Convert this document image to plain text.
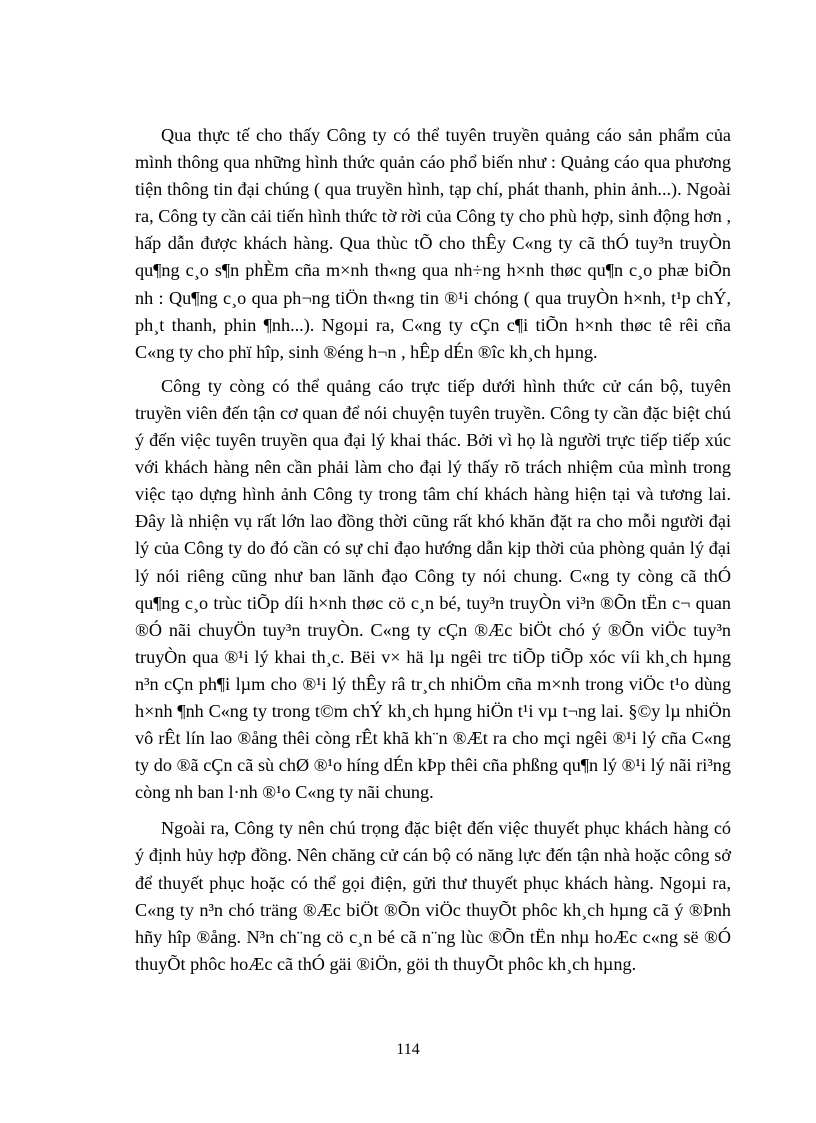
Qua thực tế cho thấy Công ty có thể tuyên truyền quảng cáo sản phẩm của mình thông qua những hình thức quản cáo phổ biến như : Quảng cáo qua phương tiện thông tin đại chúng ( qua truyền hình, tạp chí, phát thanh, phin ảnh...). Ngoài ra, Công ty cần cải tiến hình thức tờ rời của Công ty cho phù hợp, sinh động hơn , hấp dẫn được khách hàng. Qua thùc tÕ cho thÊy C«ng ty cã thÓ tuy³n truyÒn qu¶ng c¸o s¶n phÈm cña m×nh th«ng qua nh÷ng h×nh thøc qu¶n c¸o phæ biÕn nh : Qu¶ng c¸o qua ph¬ng tiÖn th«ng tin ®¹i chóng ( qua truyÒn h×nh, t¹p chÝ, ph¸t thanh, phin ¶nh...). Ngoµi ra, C«ng ty cÇn c¶i tiÕn h×nh thøc tê rêi cña C«ng ty cho phï hîp, sinh ®éng h¬n , hÊp dÉn ®îc kh¸ch hµng.

Công ty còng có thể quảng cáo trực tiếp dưới hình thức cử cán bộ, tuyên truyền viên đến tận cơ quan để nói chuyện tuyên truyền. Công ty cần đặc biệt chú ý đến việc tuyên truyền qua đại lý khai thác. Bởi vì họ là người trực tiếp tiếp xúc với khách hàng nên cần phải làm cho đại lý thấy rõ trách nhiệm của mình trong việc tạo dựng hình ảnh Công ty trong tâm chí khách hàng hiện tại và tương lai. Đây là nhiện vụ rất lớn lao đồng thời cũng rất khó khăn đặt ra cho mỗi người đại lý của Công ty do đó cần có sự chỉ đạo hướng dẫn kịp thời của phòng quản lý đại lý nói riêng cũng như ban lãnh đạo Công ty nói chung. C«ng ty còng cã thÓ qu¶ng c¸o trùc tiÕp díi h×nh thøc cö c¸n bé, tuy³n truyÒn vi³n ®Õn tËn c¬ quan ®Ó nãi chuyÖn tuy³n truyÒn. C«ng ty cÇn ®Æc biÖt chó ý ®Õn viÖc tuy³n truyÒn qua ®¹i lý khai th¸c. Bëi v× hä lµ ngêi trc tiÕp tiÕp xóc víi kh¸ch hµng n³n cÇn ph¶i lµm cho ®¹i lý thÊy râ tr¸ch nhiÖm cña m×nh trong viÖc t¹o dùng h×nh ¶nh C«ng ty trong t©m chÝ kh¸ch hµng hiÖn t¹i vµ t¬ng lai. §©y lµ nhiÖn vô rÊt lín lao ®ång thêi còng rÊt khã kh¨n ®Æt ra cho mçi ngêi ®¹i lý cña C«ng ty do ®ã cÇn cã sù chØ ®¹o híng dÉn kÞp thêi cña phßng qu¶n lý ®¹i lý nãi ri³ng còng nh ban l·nh ®¹o C«ng ty nãi chung.

Ngoài ra, Công ty nên chú trọng đặc biệt đến việc thuyết phục khách hàng có ý định hủy hợp đồng. Nên chăng cử cán bộ có năng lực đến tận nhà hoặc công sở để thuyết phục hoặc có thể gọi điện, gửi thư thuyết phục khách hàng. Ngoµi ra, C«ng ty n³n chó träng ®Æc biÖt ®Õn viÖc thuyÕt phôc kh¸ch hµng cã ý ®Þnh hñy hîp ®ång. N³n ch¨ng cö c¸n bé cã n¨ng lùc ®Õn tËn nhµ hoÆc c«ng së ®Ó thuyÕt phôc hoÆc cã thÓ gäi ®iÖn, göi th thuyÕt phôc kh¸ch hµng.

114
